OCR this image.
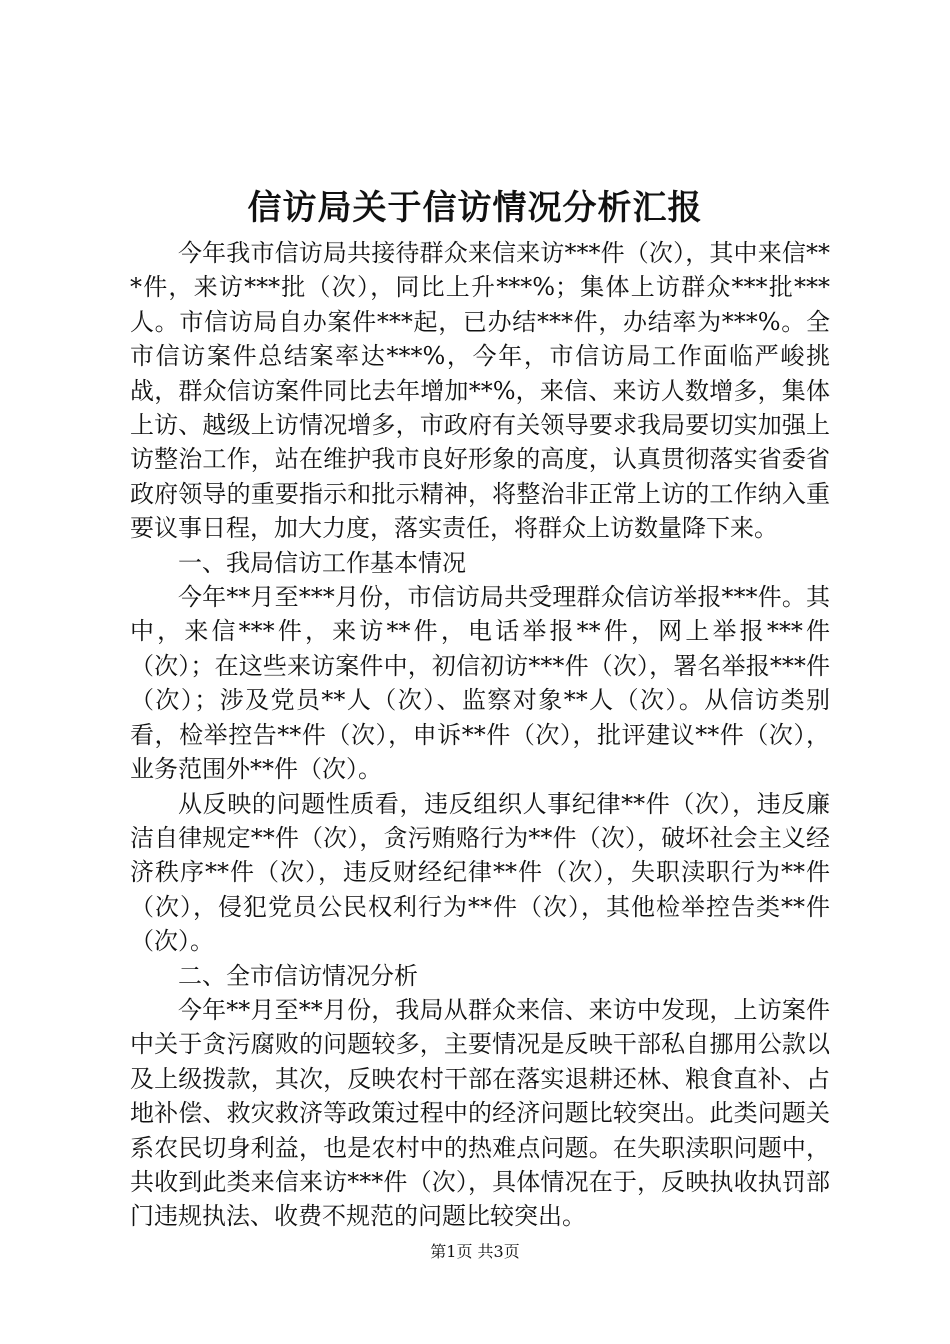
信访局关于信访情况分析汇报

今年我市信访局共接待群众来信来访***件（次），其中来信***件，来访***批（次），同比上升***%；集体上访群众***批***人。市信访局自办案件***起，已办结***件，办结率为***%。全市信访案件总结案率达***%，今年，市信访局工作面临严峻挑战，群众信访案件同比去年增加**%，来信、来访人数增多，集体上访、越级上访情况增多，市政府有关领导要求我局要切实加强上访整治工作，站在维护我市良好形象的高度，认真贯彻落实省委省政府领导的重要指示和批示精神，将整治非正常上访的工作纳入重要议事日程，加大力度，落实责任，将群众上访数量降下来。

一、我局信访工作基本情况

今年**月至***月份，市信访局共受理群众信访举报***件。其中，来信***件，来访**件，电话举报**件，网上举报***件（次）；在这些来访案件中，初信初访***件（次），署名举报***件（次）；涉及党员**人（次）、监察对象**人（次）。从信访类别看，检举控告**件（次），申诉**件（次），批评建议**件（次），业务范围外**件（次）。

从反映的问题性质看，违反组织人事纪律**件（次），违反廉洁自律规定**件（次），贪污贿赂行为**件（次），破坏社会主义经济秩序**件（次），违反财经纪律**件（次），失职渎职行为**件（次），侵犯党员公民权利行为**件（次），其他检举控告类**件（次）。

二、全市信访情况分析

今年**月至**月份，我局从群众来信、来访中发现，上访案件中关于贪污腐败的问题较多，主要情况是反映干部私自挪用公款以及上级拨款，其次，反映农村干部在落实退耕还林、粮食直补、占地补偿、救灾救济等政策过程中的经济问题比较突出。此类问题关系农民切身利益，也是农村中的热难点问题。在失职渎职问题中，共收到此类来信来访***件（次），具体情况在于，反映执收执罚部门违规执法、收费不规范的问题比较突出。

第1页 共3页
